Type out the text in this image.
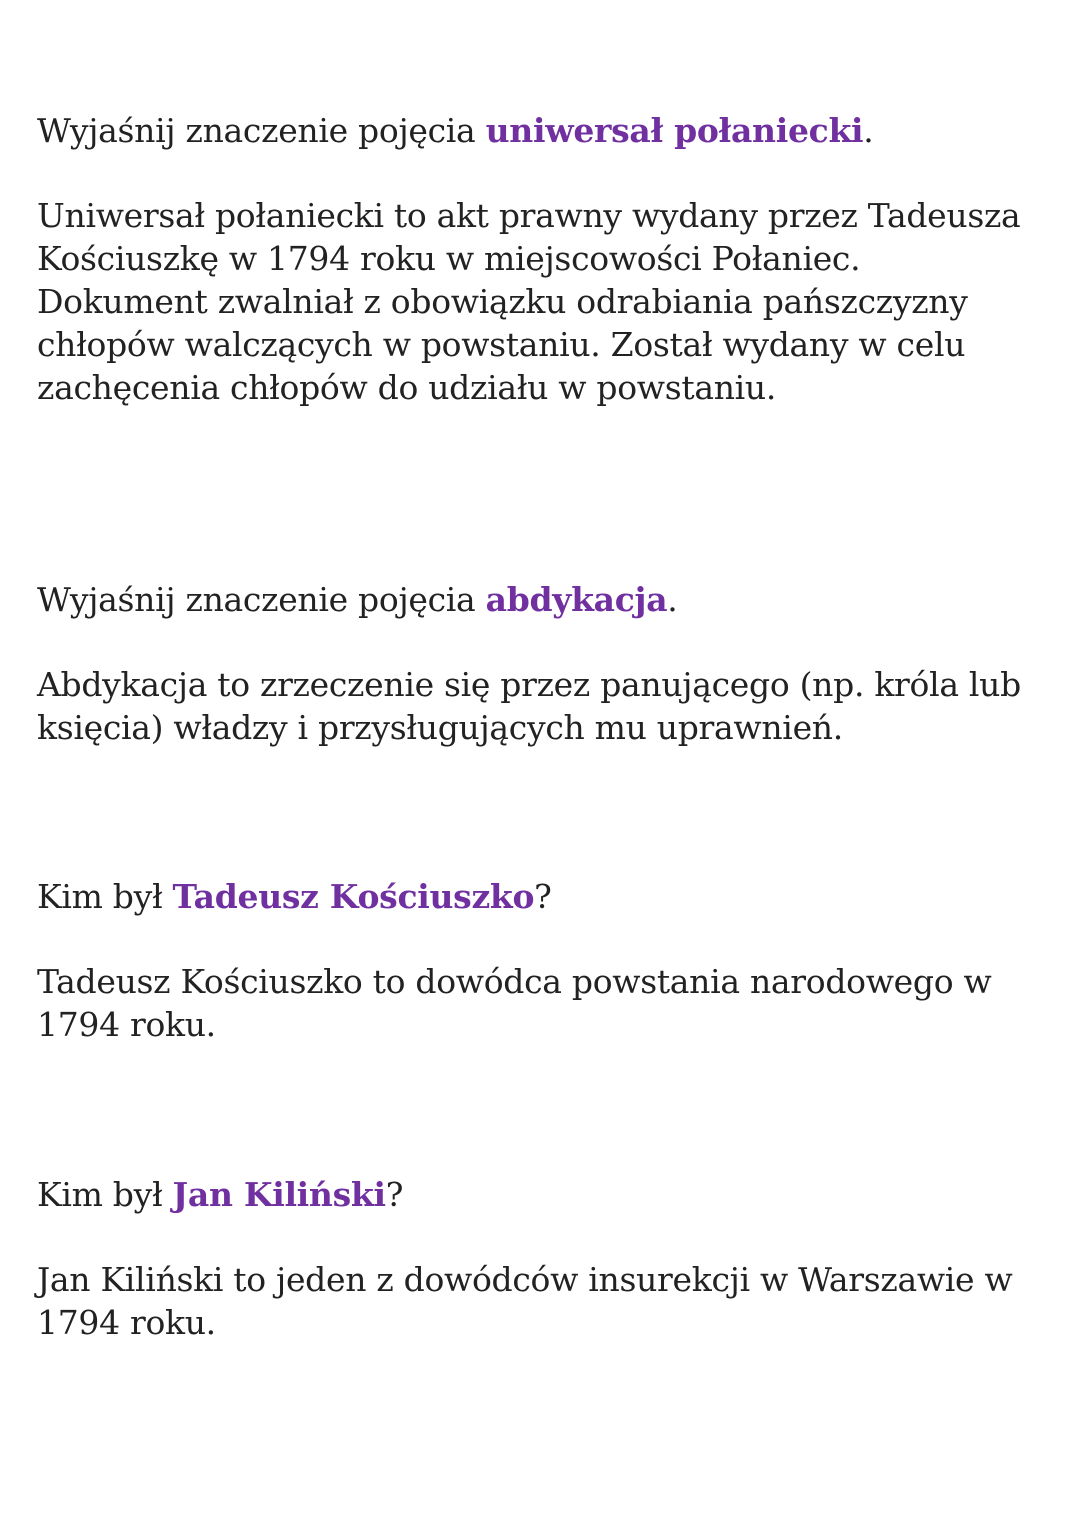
Wyjaśnij znaczenie pojęcia uniwersał połaniecki.

Uniwersał połaniecki to akt prawny wydany przez Tadeusza Kościuszkę w 1794 roku w miejscowości Połaniec. Dokument zwalniał z obowiązku odrabiania pańszczyzny chłopów walczących w powstaniu. Został wydany w celu zachęcenia chłopów do udziału w powstaniu.

Wyjaśnij znaczenie pojęcia abdykacja.

Abdykacja to zrzeczenie się przez panującego (np. króla lub księcia) władzy i przysługujących mu uprawnień.

Kim był Tadeusz Kościuszko?

Tadeusz Kościuszko to dowódca powstania narodowego w 1794 roku.

Kim był Jan Kiliński?

Jan Kiliński to jeden z dowódców insurekcji w Warszawie w 1794 roku.
